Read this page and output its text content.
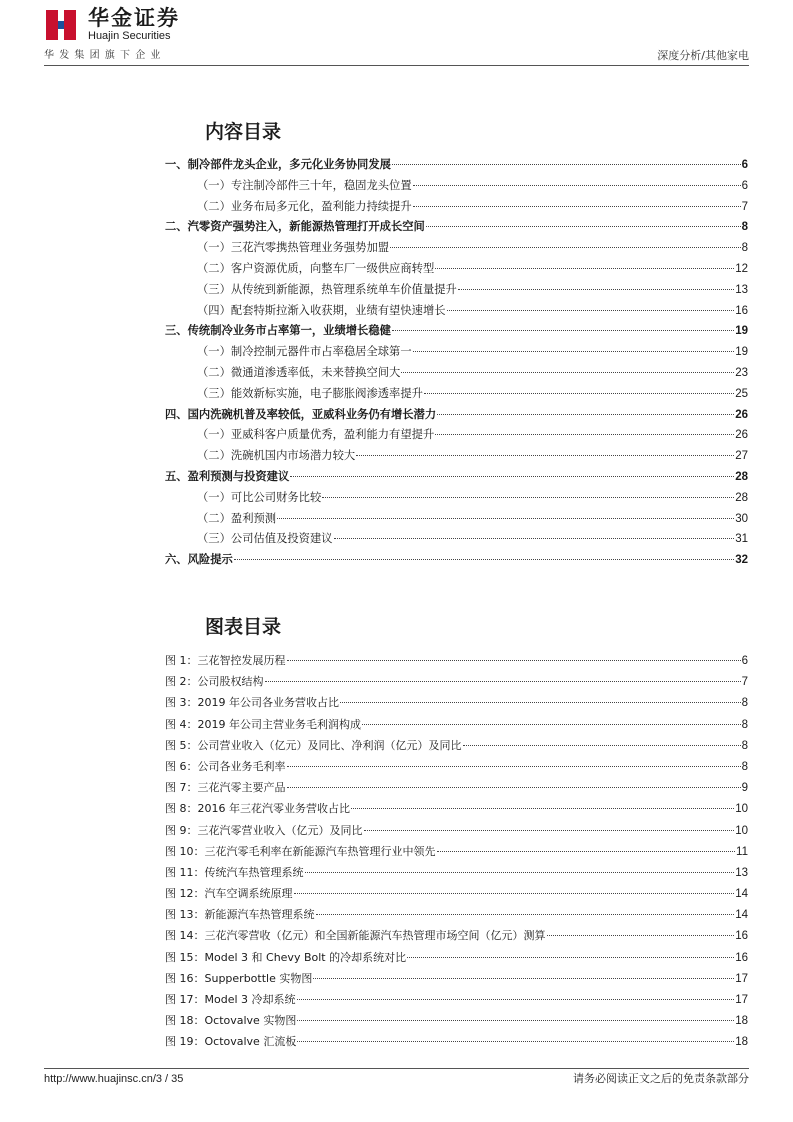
华金证券
Huajin Securities
华发集团旗下企业	深度分析/其他家电
内容目录
一、制冷部件龙头企业，多元化业务协同发展	6
（一）专注制冷部件三十年，稳固龙头位置	6
（二）业务布局多元化，盈利能力持续提升	7
二、汽零资产强势注入，新能源热管理打开成长空间	8
（一）三花汽零携热管理业务强势加盟	8
（二）客户资源优质，向整车厂一级供应商转型	12
（三）从传统到新能源，热管理系统单车价值量提升	13
（四）配套特斯拉渐入收获期，业绩有望快速增长	16
三、传统制冷业务市占率第一，业绩增长稳健	19
（一）制冷控制元器件市占率稳居全球第一	19
（二）微通道渗透率低，未来替换空间大	23
（三）能效新标实施，电子膨胀阀渗透率提升	25
四、国内洗碗机普及率较低，亚威科业务仍有增长潜力	26
（一）亚威科客户质量优秀，盈利能力有望提升	26
（二）洗碗机国内市场潜力较大	27
五、盈利预测与投资建议	28
（一）可比公司财务比较	28
（二）盈利预测	30
（三）公司估值及投资建议	31
六、风险提示	32
图表目录
图 1：三花智控发展历程	6
图 2：公司股权结构	7
图 3：2019 年公司各业务营收占比	8
图 4：2019 年公司主营业务毛利润构成	8
图 5：公司营业收入（亿元）及同比、净利润（亿元）及同比	8
图 6：公司各业务毛利率	8
图 7：三花汽零主要产品	9
图 8：2016 年三花汽零业务营收占比	10
图 9：三花汽零营业收入（亿元）及同比	10
图 10：三花汽零毛利率在新能源汽车热管理行业中领先	11
图 11：传统汽车热管理系统	13
图 12：汽车空调系统原理	14
图 13：新能源汽车热管理系统	14
图 14：三花汽零营收（亿元）和全国新能源汽车热管理市场空间（亿元）测算	16
图 15：Model 3 和 Chevy Bolt 的冷却系统对比	16
图 16：Supperbottle 实物图	17
图 17：Model 3 冷却系统	17
图 18：Octovalve 实物图	18
图 19：Octovalve 汇流板	18
http://www.huajinsc.cn/3 / 35	请务必阅读正文之后的免责条款部分
